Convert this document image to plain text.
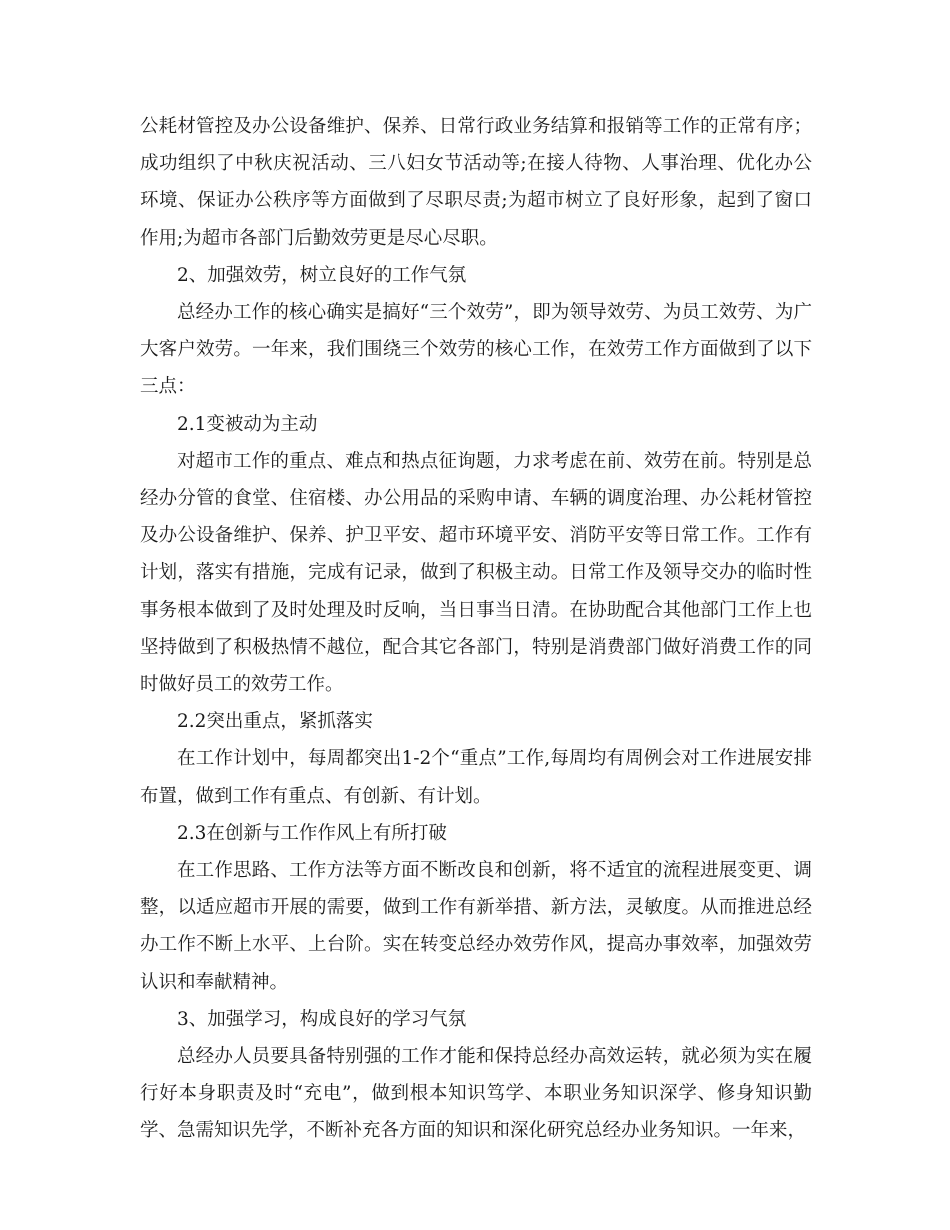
公耗材管控及办公设备维护、保养、日常行政业务结算和报销等工作的正常有序；成功组织了中秋庆祝活动、三八妇女节活动等;在接人待物、人事治理、优化办公环境、保证办公秩序等方面做到了尽职尽责;为超市树立了良好形象，起到了窗口作用;为超市各部门后勤效劳更是尽心尽职。

2、加强效劳，树立良好的工作气氛

总经办工作的核心确实是搞好“三个效劳”，即为领导效劳、为员工效劳、为广大客户效劳。一年来，我们围绕三个效劳的核心工作，在效劳工作方面做到了以下三点：

2.1变被动为主动

对超市工作的重点、难点和热点征询题，力求考虑在前、效劳在前。特别是总经办分管的食堂、住宿楼、办公用品的采购申请、车辆的调度治理、办公耗材管控及办公设备维护、保养、护卫平安、超市环境平安、消防平安等日常工作。工作有计划，落实有措施，完成有记录，做到了积极主动。日常工作及领导交办的临时性事务根本做到了及时处理及时反响，当日事当日清。在协助配合其他部门工作上也坚持做到了积极热情不越位，配合其它各部门，特别是消费部门做好消费工作的同时做好员工的效劳工作。

2.2突出重点，紧抓落实

在工作计划中，每周都突出1-2个“重点”工作,每周均有周例会对工作进展安排布置，做到工作有重点、有创新、有计划。

2.3在创新与工作作风上有所打破

在工作思路、工作方法等方面不断改良和创新，将不适宜的流程进展变更、调整，以适应超市开展的需要，做到工作有新举措、新方法，灵敏度。从而推进总经办工作不断上水平、上台阶。实在转变总经办效劳作风，提高办事效率，加强效劳认识和奉献精神。

3、加强学习，构成良好的学习气氛

总经办人员要具备特别强的工作才能和保持总经办高效运转，就必须为实在履行好本身职责及时“充电”，做到根本知识笃学、本职业务知识深学、修身知识勤学、急需知识先学，不断补充各方面的知识和深化研究总经办业务知识。一年来，
